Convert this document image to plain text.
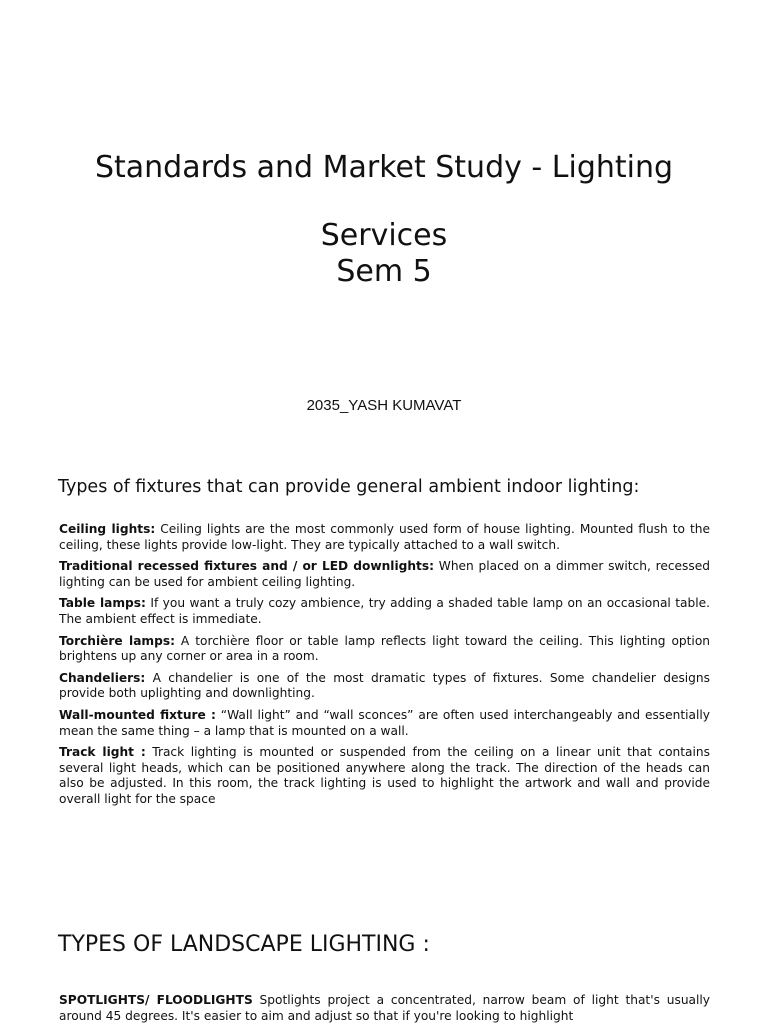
Standards and Market Study - Lighting
Services
Sem 5
2035_YASH KUMAVAT
Types of fixtures that can provide general ambient indoor lighting:

Ceiling lights: Ceiling lights are the most commonly used form of house lighting. Mounted flush to the ceiling, these lights provide low-light. They are typically attached to a wall switch.

Traditional recessed fixtures and / or LED downlights: When placed on a dimmer switch, recessed lighting can be used for ambient ceiling lighting.

Table lamps: If you want a truly cozy ambience, try adding a shaded table lamp on an occasional table. The ambient effect is immediate.

Torchière lamps: A torchière floor or table lamp reflects light toward the ceiling. This lighting option brightens up any corner or area in a room.

Chandeliers: A chandelier is one of the most dramatic types of fixtures. Some chandelier designs provide both uplighting and downlighting.

Wall-mounted fixture : “Wall light” and “wall sconces” are often used interchangeably and essentially mean the same thing – a lamp that is mounted on a wall.

Track light : Track lighting is mounted or suspended from the ceiling on a linear unit that contains several light heads, which can be positioned anywhere along the track. The direction of the heads can also be adjusted. In this room, the track lighting is used to highlight the artwork and wall and provide overall light for the space

TYPES OF LANDSCAPE LIGHTING :
SPOTLIGHTS/ FLOODLIGHTS Spotlights project a concentrated, narrow beam of light that's usually around 45 degrees. It's easier to aim and adjust so that if you're looking to highlight
